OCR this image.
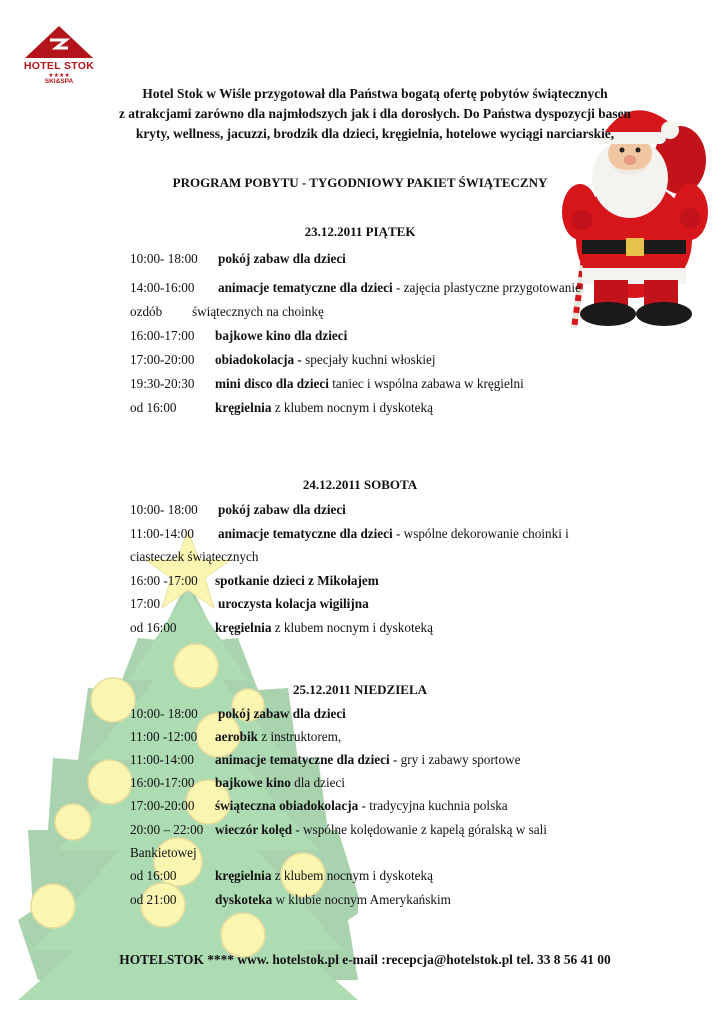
HOTEL STOK
★★★★
SKI&SPA
Hotel Stok w Wiśle przygotował dla Państwa bogatą ofertę pobytów świątecznych
z atrakcjami zarówno dla najmłodszych jak i dla dorosłych. Do Państwa dyspozycji basen
kryty, wellness, jacuzzi, brodzik dla dzieci, kręgielnia, hotelowe wyciągi narciarskie,
PROGRAM POBYTU - TYGODNIOWY PAKIET ŚWIĄTECZNY
23.12.2011 PIĄTEK
10:00- 18:00 pokój zabaw dla dzieci
14:00-16:00 animacje tematyczne dla dzieci - zajęcia plastyczne przygotowanie
ozdób świątecznych na choinkę
16:00-17:00 bajkowe kino dla dzieci
17:00-20:00 obiadokolacja - specjały kuchni włoskiej
19:30-20:30 mini disco dla dzieci taniec i wspólna zabawa w kręgielni
od 16:00	kręgielnia z klubem nocnym i dyskoteką
24.12.2011 SOBOTA
10:00- 18:00 pokój zabaw dla dzieci
11:00-14:00 animacje tematyczne dla dzieci - wspólne dekorowanie choinki i
ciasteczek świątecznych
16:00 -17:00 spotkanie dzieci z Mikołajem
17:00	uroczysta kolacja wigilijna
od 16:00	kręgielnia z klubem nocnym i dyskoteką
25.12.2011 NIEDZIELA
10:00- 18:00 pokój zabaw dla dzieci
11:00 -12:00 aerobik z instruktorem,
11:00-14:00 animacje tematyczne dla dzieci - gry i zabawy sportowe
16:00-17:00 bajkowe kino dla dzieci
17:00-20:00 świąteczna obiadokolacja - tradycyjna kuchnia polska
20:00 – 22:00 wieczór kolęd - wspólne kolędowanie z kapelą góralską w sali
Bankietowej
od 16:00	kręgielnia z klubem nocnym i dyskoteką
od 21:00	dyskoteka w klubie nocnym Amerykańskim
HOTELSTOK **** www. hotelstok.pl e-mail :recepcja@hotelstok.pl tel. 33 8 56 41 00
